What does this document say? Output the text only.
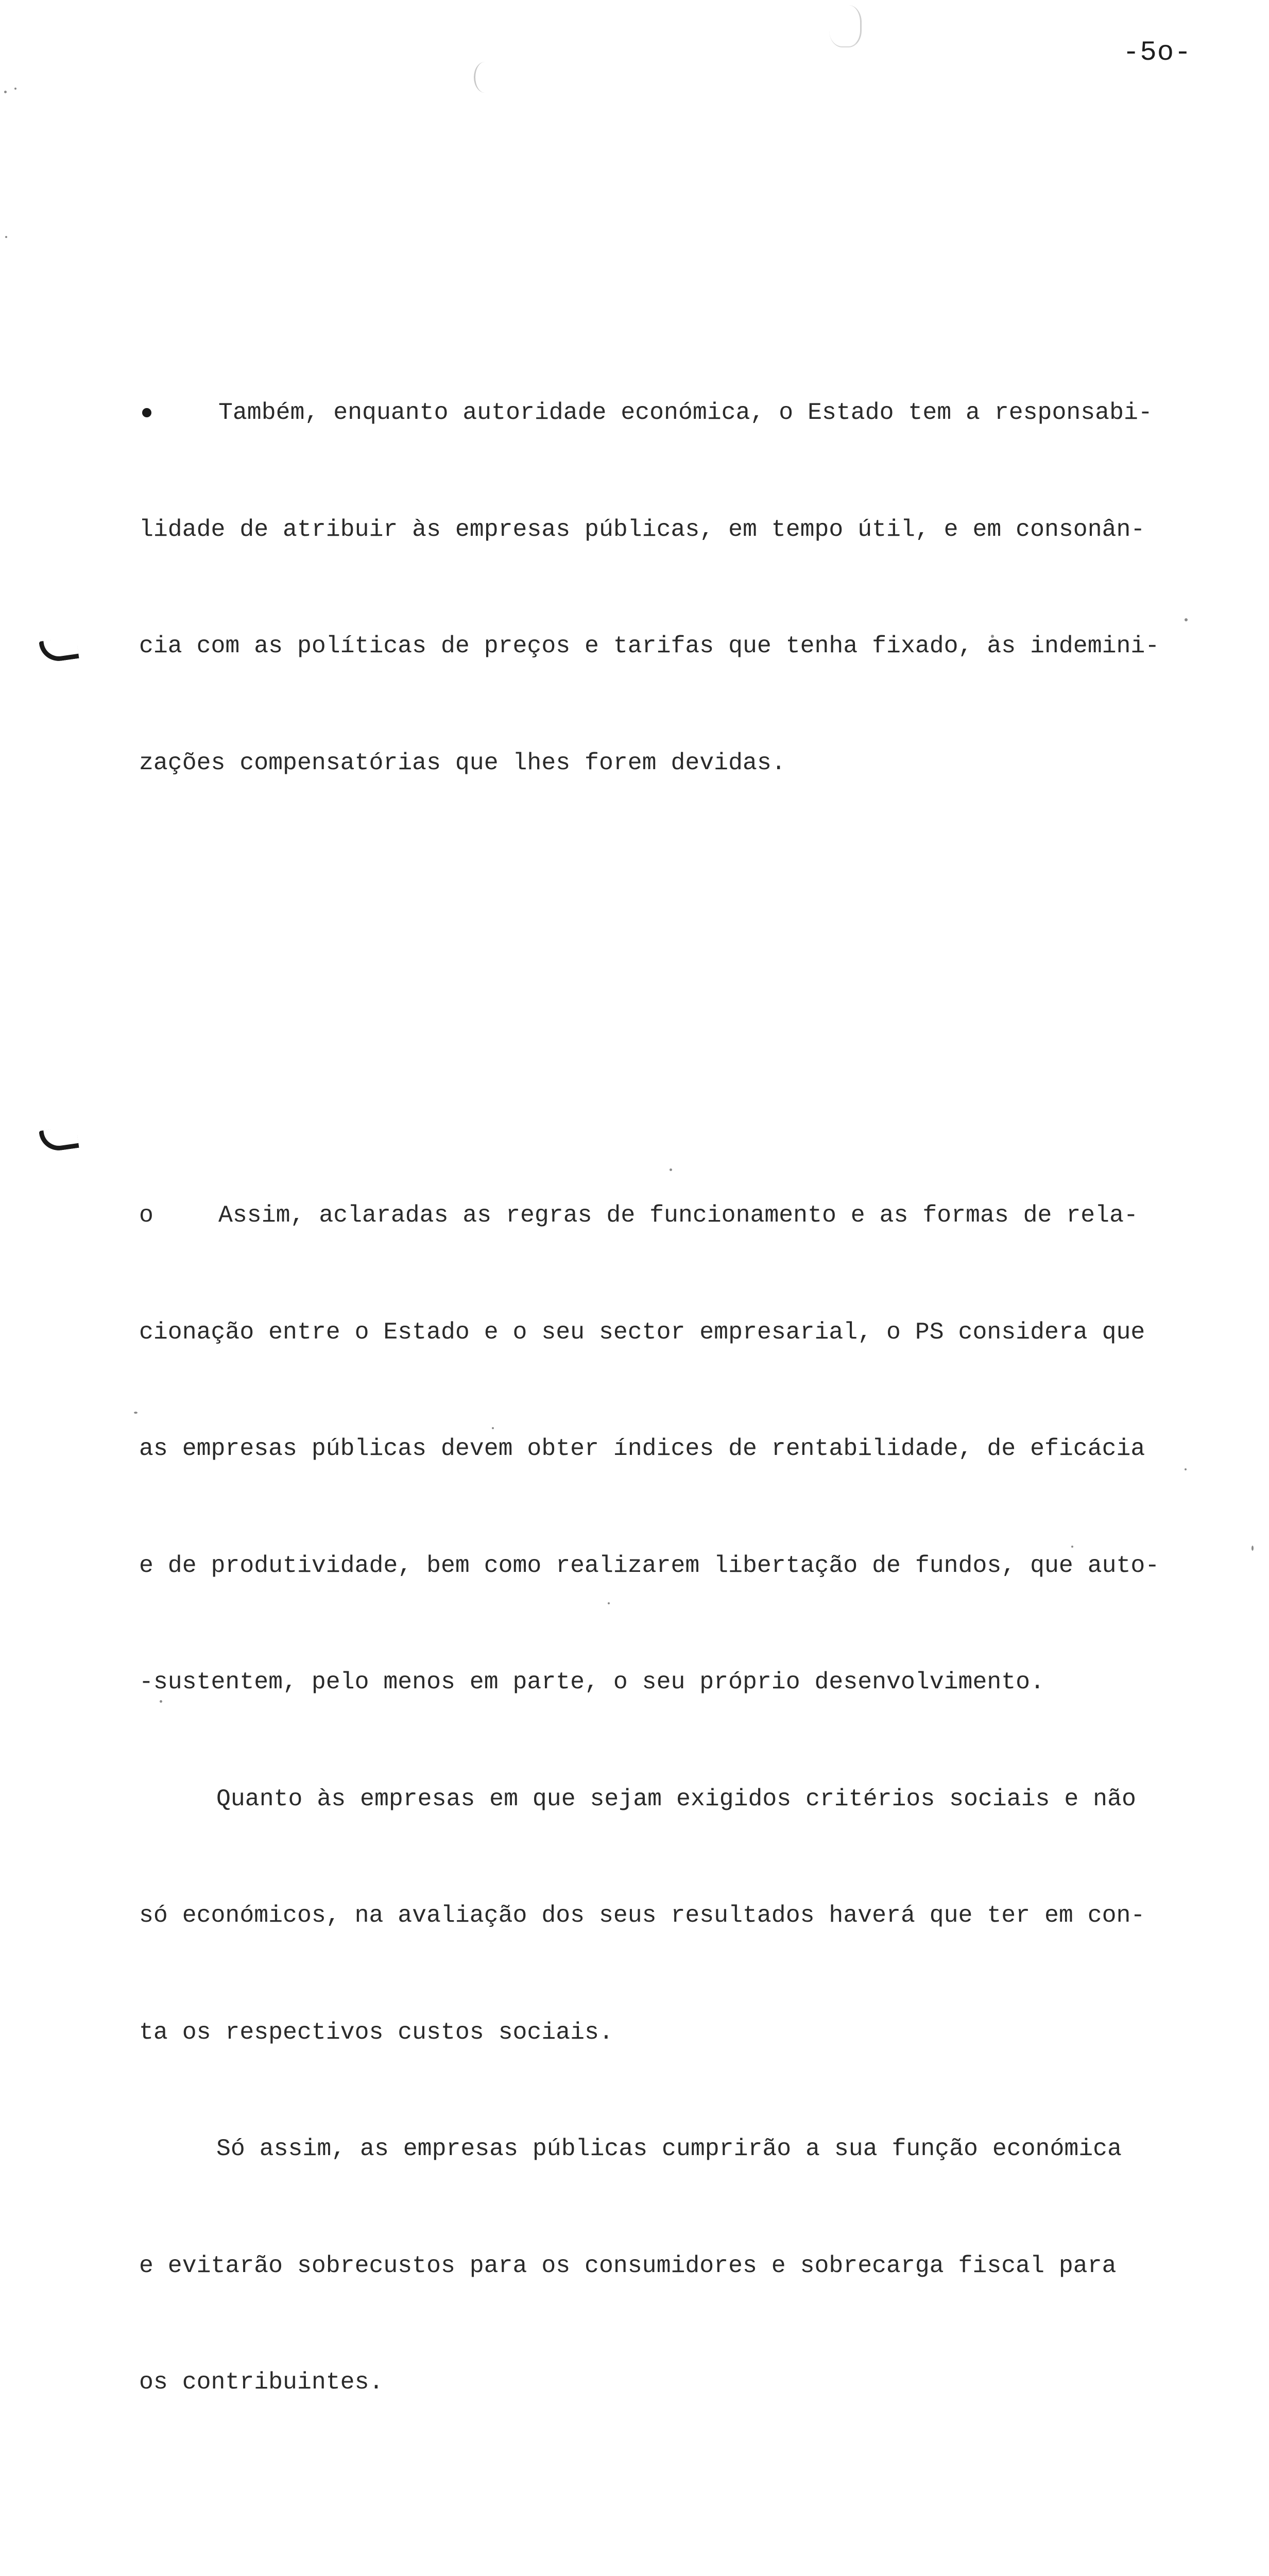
-5o-

Também, enquanto autoridade económica, o Estado tem a responsabi-

lidade de atribuir às empresas públicas, em tempo útil, e em consonân-

cia com as políticas de preços e tarifas que tenha fixado, as indemini-

zações compensatórias que lhes forem devidas.

o	Assim, aclaradas as regras de funcionamento e as formas de rela-

cionação entre o Estado e o seu sector empresarial, o PS considera que

as empresas públicas devem obter índices de rentabilidade, de eficácia

e de produtividade, bem como realizarem libertação de fundos, que auto-

-sustentem, pelo menos em parte, o seu próprio desenvolvimento.

Quanto às empresas em que sejam exigidos critérios sociais e não

só económicos, na avaliação dos seus resultados haverá que ter em con-

ta os respectivos custos sociais.

Só assim, as empresas públicas cumprirão a sua função económica

e evitarão sobrecustos para os consumidores e sobrecarga fiscal para

os contribuintes.
